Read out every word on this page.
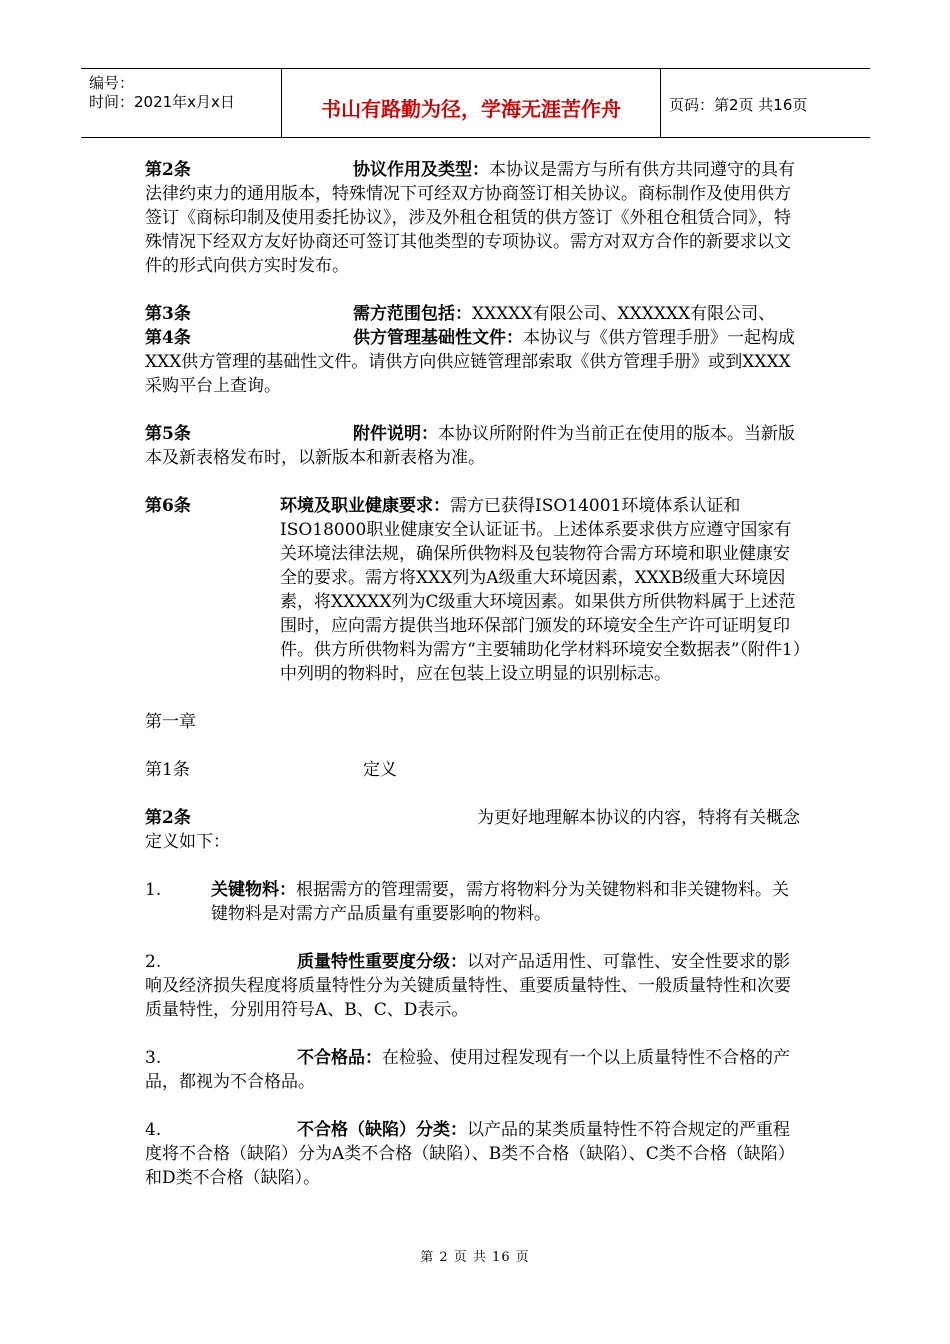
编号：
时间：2021年x月x日	书山有路勤为径，学海无涯苦作舟	页码：第2页 共16页

第2条	协议作用及类型：本协议是需方与所有供方共同遵守的具有法律约束力的通用版本，特殊情况下可经双方协商签订相关协议。商标制作及使用供方签订《商标印制及使用委托协议》，涉及外租仓租赁的供方签订《外租仓租赁合同》，特殊情况下经双方友好协商还可签订其他类型的专项协议。需方对双方合作的新要求以文件的形式向供方实时发布。

第3条	需方范围包括：XXXXX有限公司、XXXXXX有限公司、

第4条	供方管理基础性文件：本协议与《供方管理手册》一起构成XXX供方管理的基础性文件。请供方向供应链管理部索取《供方管理手册》或到XXXX采购平台上查询。

第5条	附件说明：本协议所附附件为当前正在使用的版本。当新版本及新表格发布时，以新版本和新表格为准。

第6条	环境及职业健康要求：需方已获得ISO14001环境体系认证和ISO18000职业健康安全认证证书。上述体系要求供方应遵守国家有关环境法律法规，确保所供物料及包装物符合需方环境和职业健康安全的要求。需方将XXX列为A级重大环境因素，XXXB级重大环境因素，将XXXXX列为C级重大环境因素。如果供方所供物料属于上述范围时，应向需方提供当地环保部门颁发的环境安全生产许可证明复印件。供方所供物料为需方“主要辅助化学材料环境安全数据表”（附件1）中列明的物料时，应在包装上设立明显的识别标志。

第一章

第1条	定义

第2条	为更好地理解本协议的内容，特将有关概念定义如下：

1.	关键物料：根据需方的管理需要，需方将物料分为关键物料和非关键物料。关键物料是对需方产品质量有重要影响的物料。

2.	质量特性重要度分级：以对产品适用性、可靠性、安全性要求的影响及经济损失程度将质量特性分为关键质量特性、重要质量特性、一般质量特性和次要质量特性，分别用符号A、B、C、D表示。

3.	不合格品：在检验、使用过程发现有一个以上质量特性不合格的产品，都视为不合格品。

4.	不合格（缺陷）分类：以产品的某类质量特性不符合规定的严重程度将不合格（缺陷）分为A类不合格（缺陷）、B类不合格（缺陷）、C类不合格（缺陷）和D类不合格（缺陷）。

第 2 页 共 16 页
